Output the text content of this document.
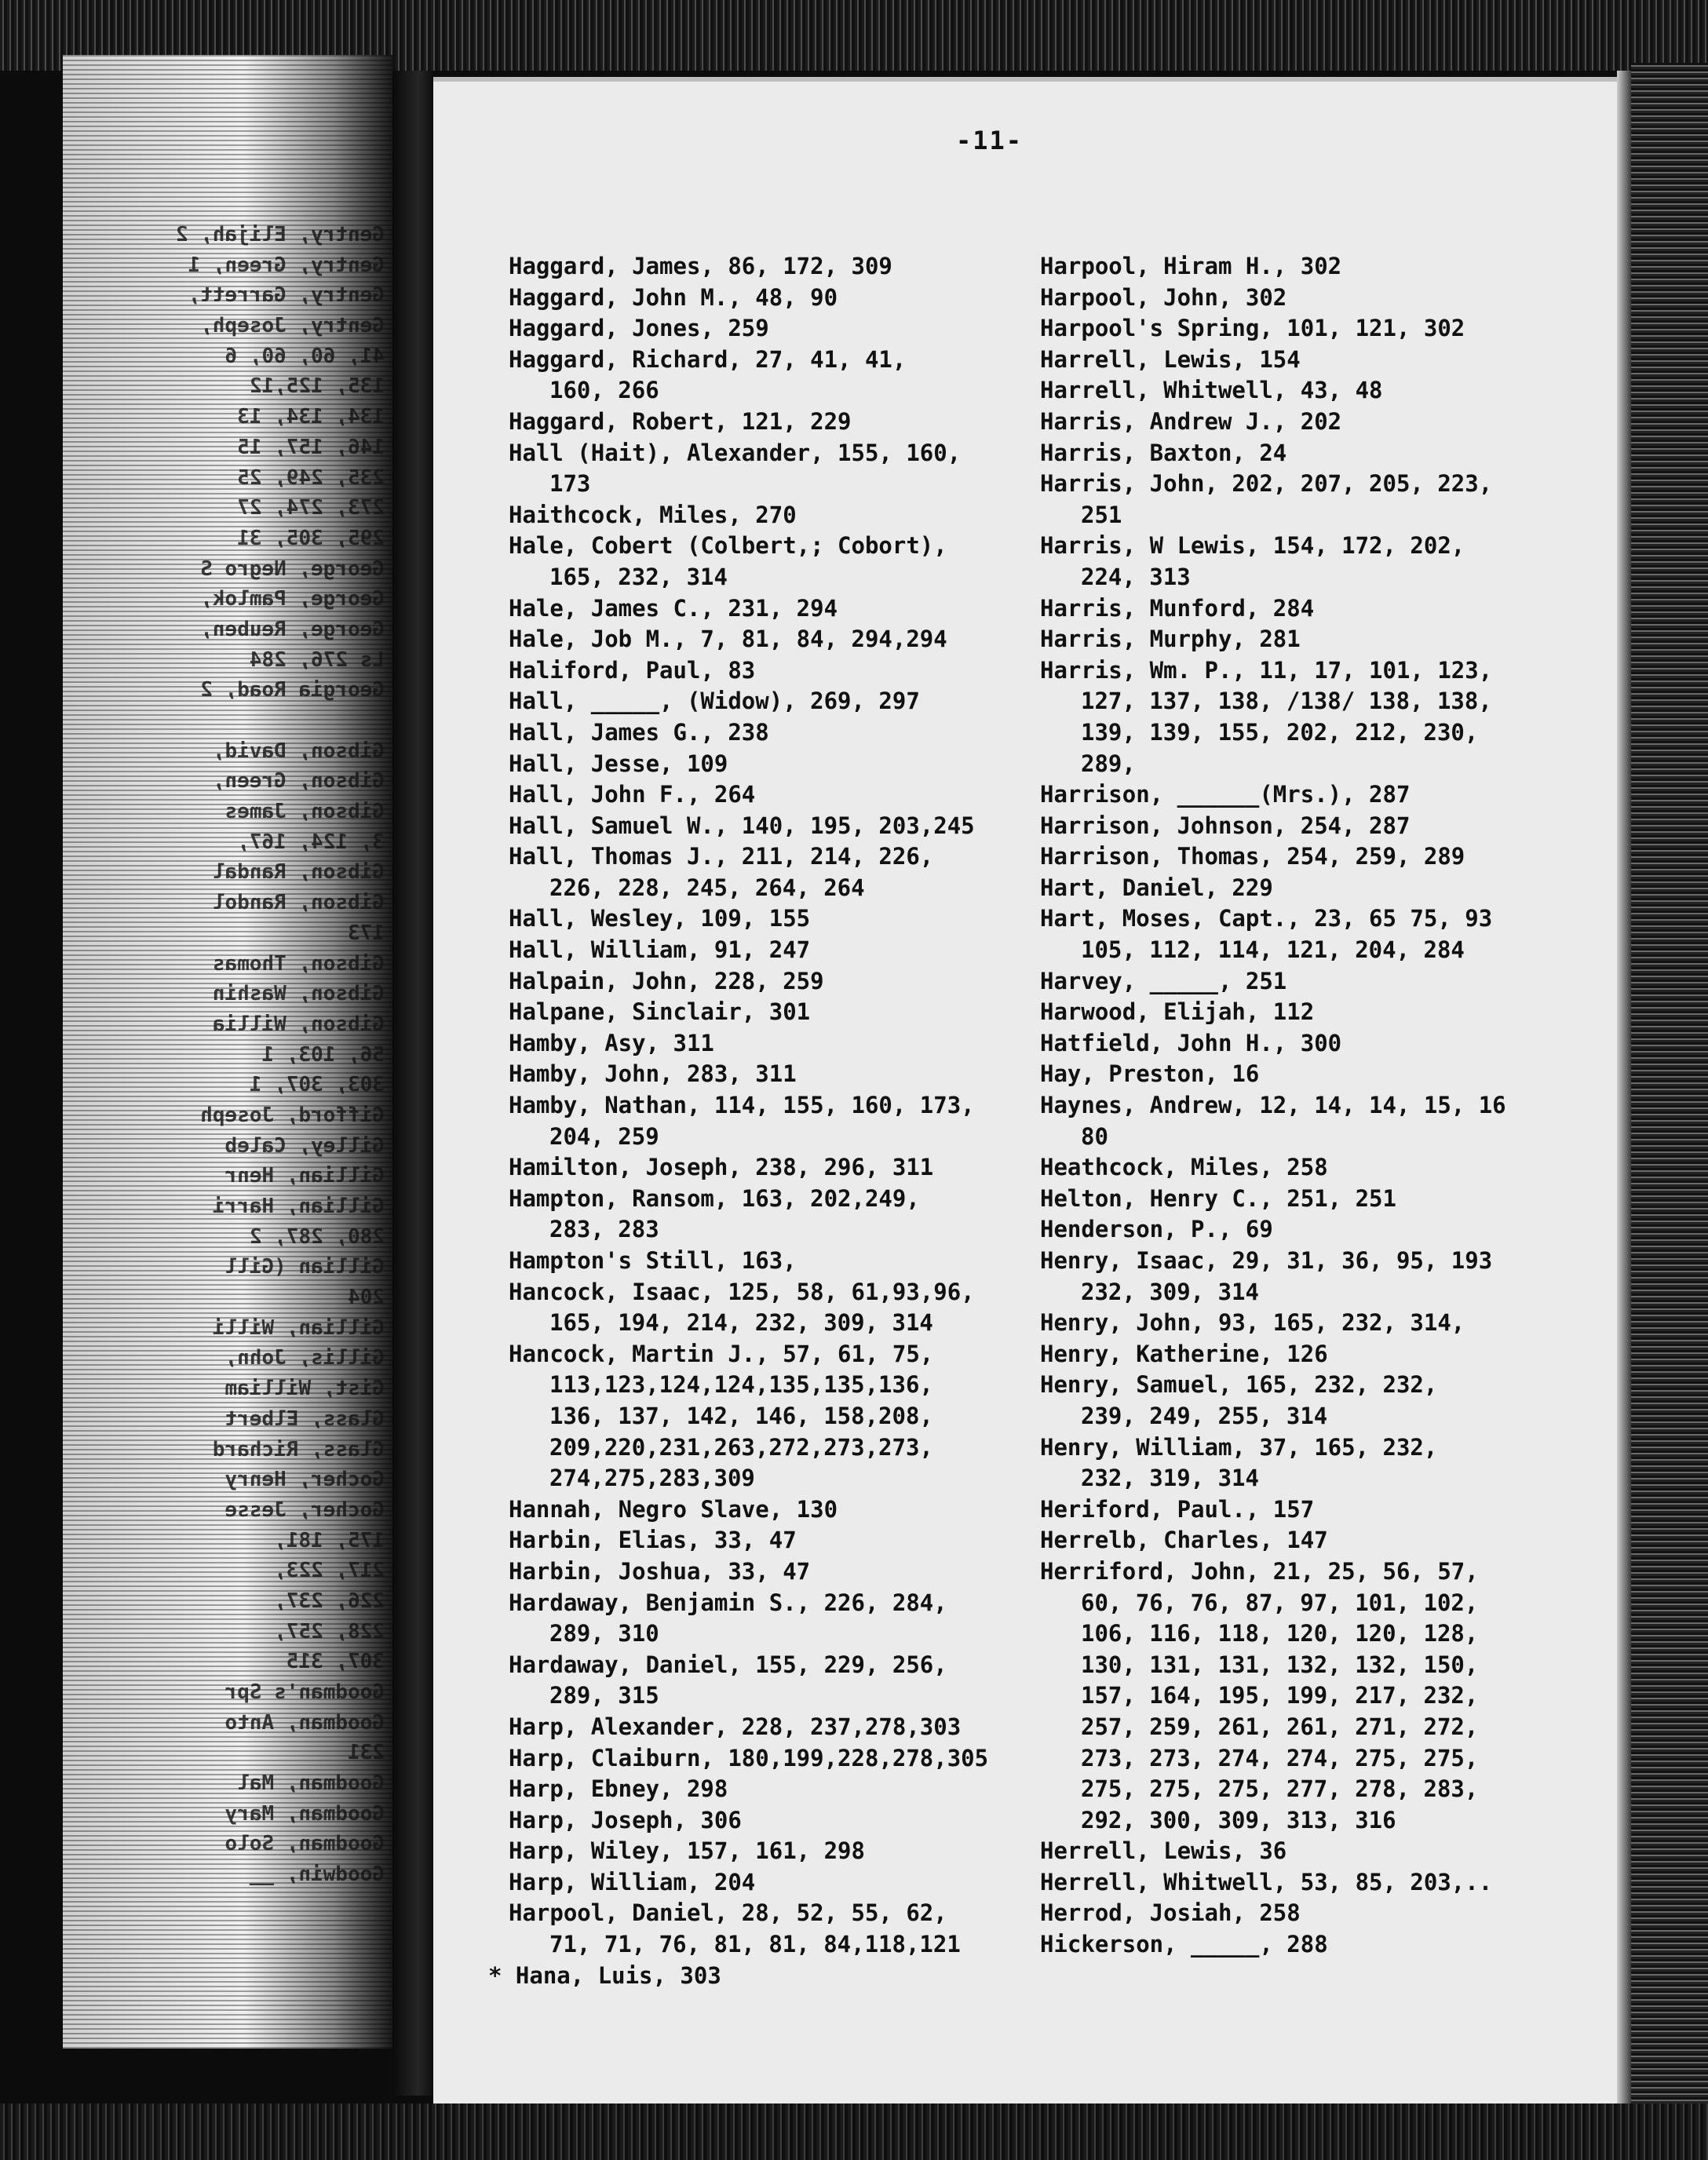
Gentry, Elijah, 2
Gentry, Green, 1
Gentry, Garrett,
Gentry, Joseph,
41, 60, 60, 6
135, 125,12
134, 134, 13
146, 157, 15
235, 249, 25
273, 274, 27
295, 305, 31
George, Negro S
George, Pamlok,
George, Reuben,
Ls 276, 284
Georgia Road, 2
Gibson, David,
Gibson, Green,
Gibson, James
3, 124, 167,
Gibson, Randal
Gibson, Randol
173
Gibson, Thomas
Gibson, Washin
Gibson, Willia
56, 103, 1
303, 307, 1
Gifford, Joseph
Gilley, Caleb
Gillian, Henr
Gillian, Harri
280, 287, 2
Gillian (Gill
204
Gillian, Willi
Gillis, John,
Gist, William
Glass, Elbert
Glass, Richard
Gocher, Henry
Gocher, Jesse
175, 181,
217, 223,
226, 237,
228, 257,
307, 315
Goodman's Spr
Goodman, Anto
231
Goodman, Mal
Goodman, Mary
Goodman, Solo
Goodwin, __
-11-
Haggard, James, 86, 172, 309
Haggard, John M., 48, 90
Haggard, Jones, 259
Haggard, Richard, 27, 41, 41,
160, 266
Haggard, Robert, 121, 229
Hall (Hait), Alexander, 155, 160,
173
Haithcock, Miles, 270
Hale, Cobert (Colbert,; Cobort),
165, 232, 314
Hale, James C., 231, 294
Hale, Job M., 7, 81, 84, 294,294
Haliford, Paul, 83
Hall, _____, (Widow), 269, 297
Hall, James G., 238
Hall, Jesse, 109
Hall, John F., 264
Hall, Samuel W., 140, 195, 203,245
Hall, Thomas J., 211, 214, 226,
226, 228, 245, 264, 264
Hall, Wesley, 109, 155
Hall, William, 91, 247
Halpain, John, 228, 259
Halpane, Sinclair, 301
Hamby, Asy, 311
Hamby, John, 283, 311
Hamby, Nathan, 114, 155, 160, 173,
204, 259
Hamilton, Joseph, 238, 296, 311
Hampton, Ransom, 163, 202,249,
283, 283
Hampton's Still, 163,
Hancock, Isaac, 125, 58, 61,93,96,
165, 194, 214, 232, 309, 314
Hancock, Martin J., 57, 61, 75,
113,123,124,124,135,135,136,
136, 137, 142, 146, 158,208,
209,220,231,263,272,273,273,
274,275,283,309
Hannah, Negro Slave, 130
Harbin, Elias, 33, 47
Harbin, Joshua, 33, 47
Hardaway, Benjamin S., 226, 284,
289, 310
Hardaway, Daniel, 155, 229, 256,
289, 315
Harp, Alexander, 228, 237,278,303
Harp, Claiburn, 180,199,228,278,305
Harp, Ebney, 298
Harp, Joseph, 306
Harp, Wiley, 157, 161, 298
Harp, William, 204
Harpool, Daniel, 28, 52, 55, 62,
71, 71, 76, 81, 81, 84,118,121
* Hana, Luis, 303
Harpool, Hiram H., 302
Harpool, John, 302
Harpool's Spring, 101, 121, 302
Harrell, Lewis, 154
Harrell, Whitwell, 43, 48
Harris, Andrew J., 202
Harris, Baxton, 24
Harris, John, 202, 207, 205, 223,
251
Harris, W Lewis, 154, 172, 202,
224, 313
Harris, Munford, 284
Harris, Murphy, 281
Harris, Wm. P., 11, 17, 101, 123,
127, 137, 138, /138/ 138, 138,
139, 139, 155, 202, 212, 230,
289,
Harrison, ______(Mrs.), 287
Harrison, Johnson, 254, 287
Harrison, Thomas, 254, 259, 289
Hart, Daniel, 229
Hart, Moses, Capt., 23, 65 75, 93
105, 112, 114, 121, 204, 284
Harvey, _____, 251
Harwood, Elijah, 112
Hatfield, John H., 300
Hay, Preston, 16
Haynes, Andrew, 12, 14, 14, 15, 16
80
Heathcock, Miles, 258
Helton, Henry C., 251, 251
Henderson, P., 69
Henry, Isaac, 29, 31, 36, 95, 193
232, 309, 314
Henry, John, 93, 165, 232, 314,
Henry, Katherine, 126
Henry, Samuel, 165, 232, 232,
239, 249, 255, 314
Henry, William, 37, 165, 232,
232, 319, 314
Heriford, Paul., 157
Herrelb, Charles, 147
Herriford, John, 21, 25, 56, 57,
60, 76, 76, 87, 97, 101, 102,
106, 116, 118, 120, 120, 128,
130, 131, 131, 132, 132, 150,
157, 164, 195, 199, 217, 232,
257, 259, 261, 261, 271, 272,
273, 273, 274, 274, 275, 275,
275, 275, 275, 277, 278, 283,
292, 300, 309, 313, 316
Herrell, Lewis, 36
Herrell, Whitwell, 53, 85, 203,..
Herrod, Josiah, 258
Hickerson, _____, 288
